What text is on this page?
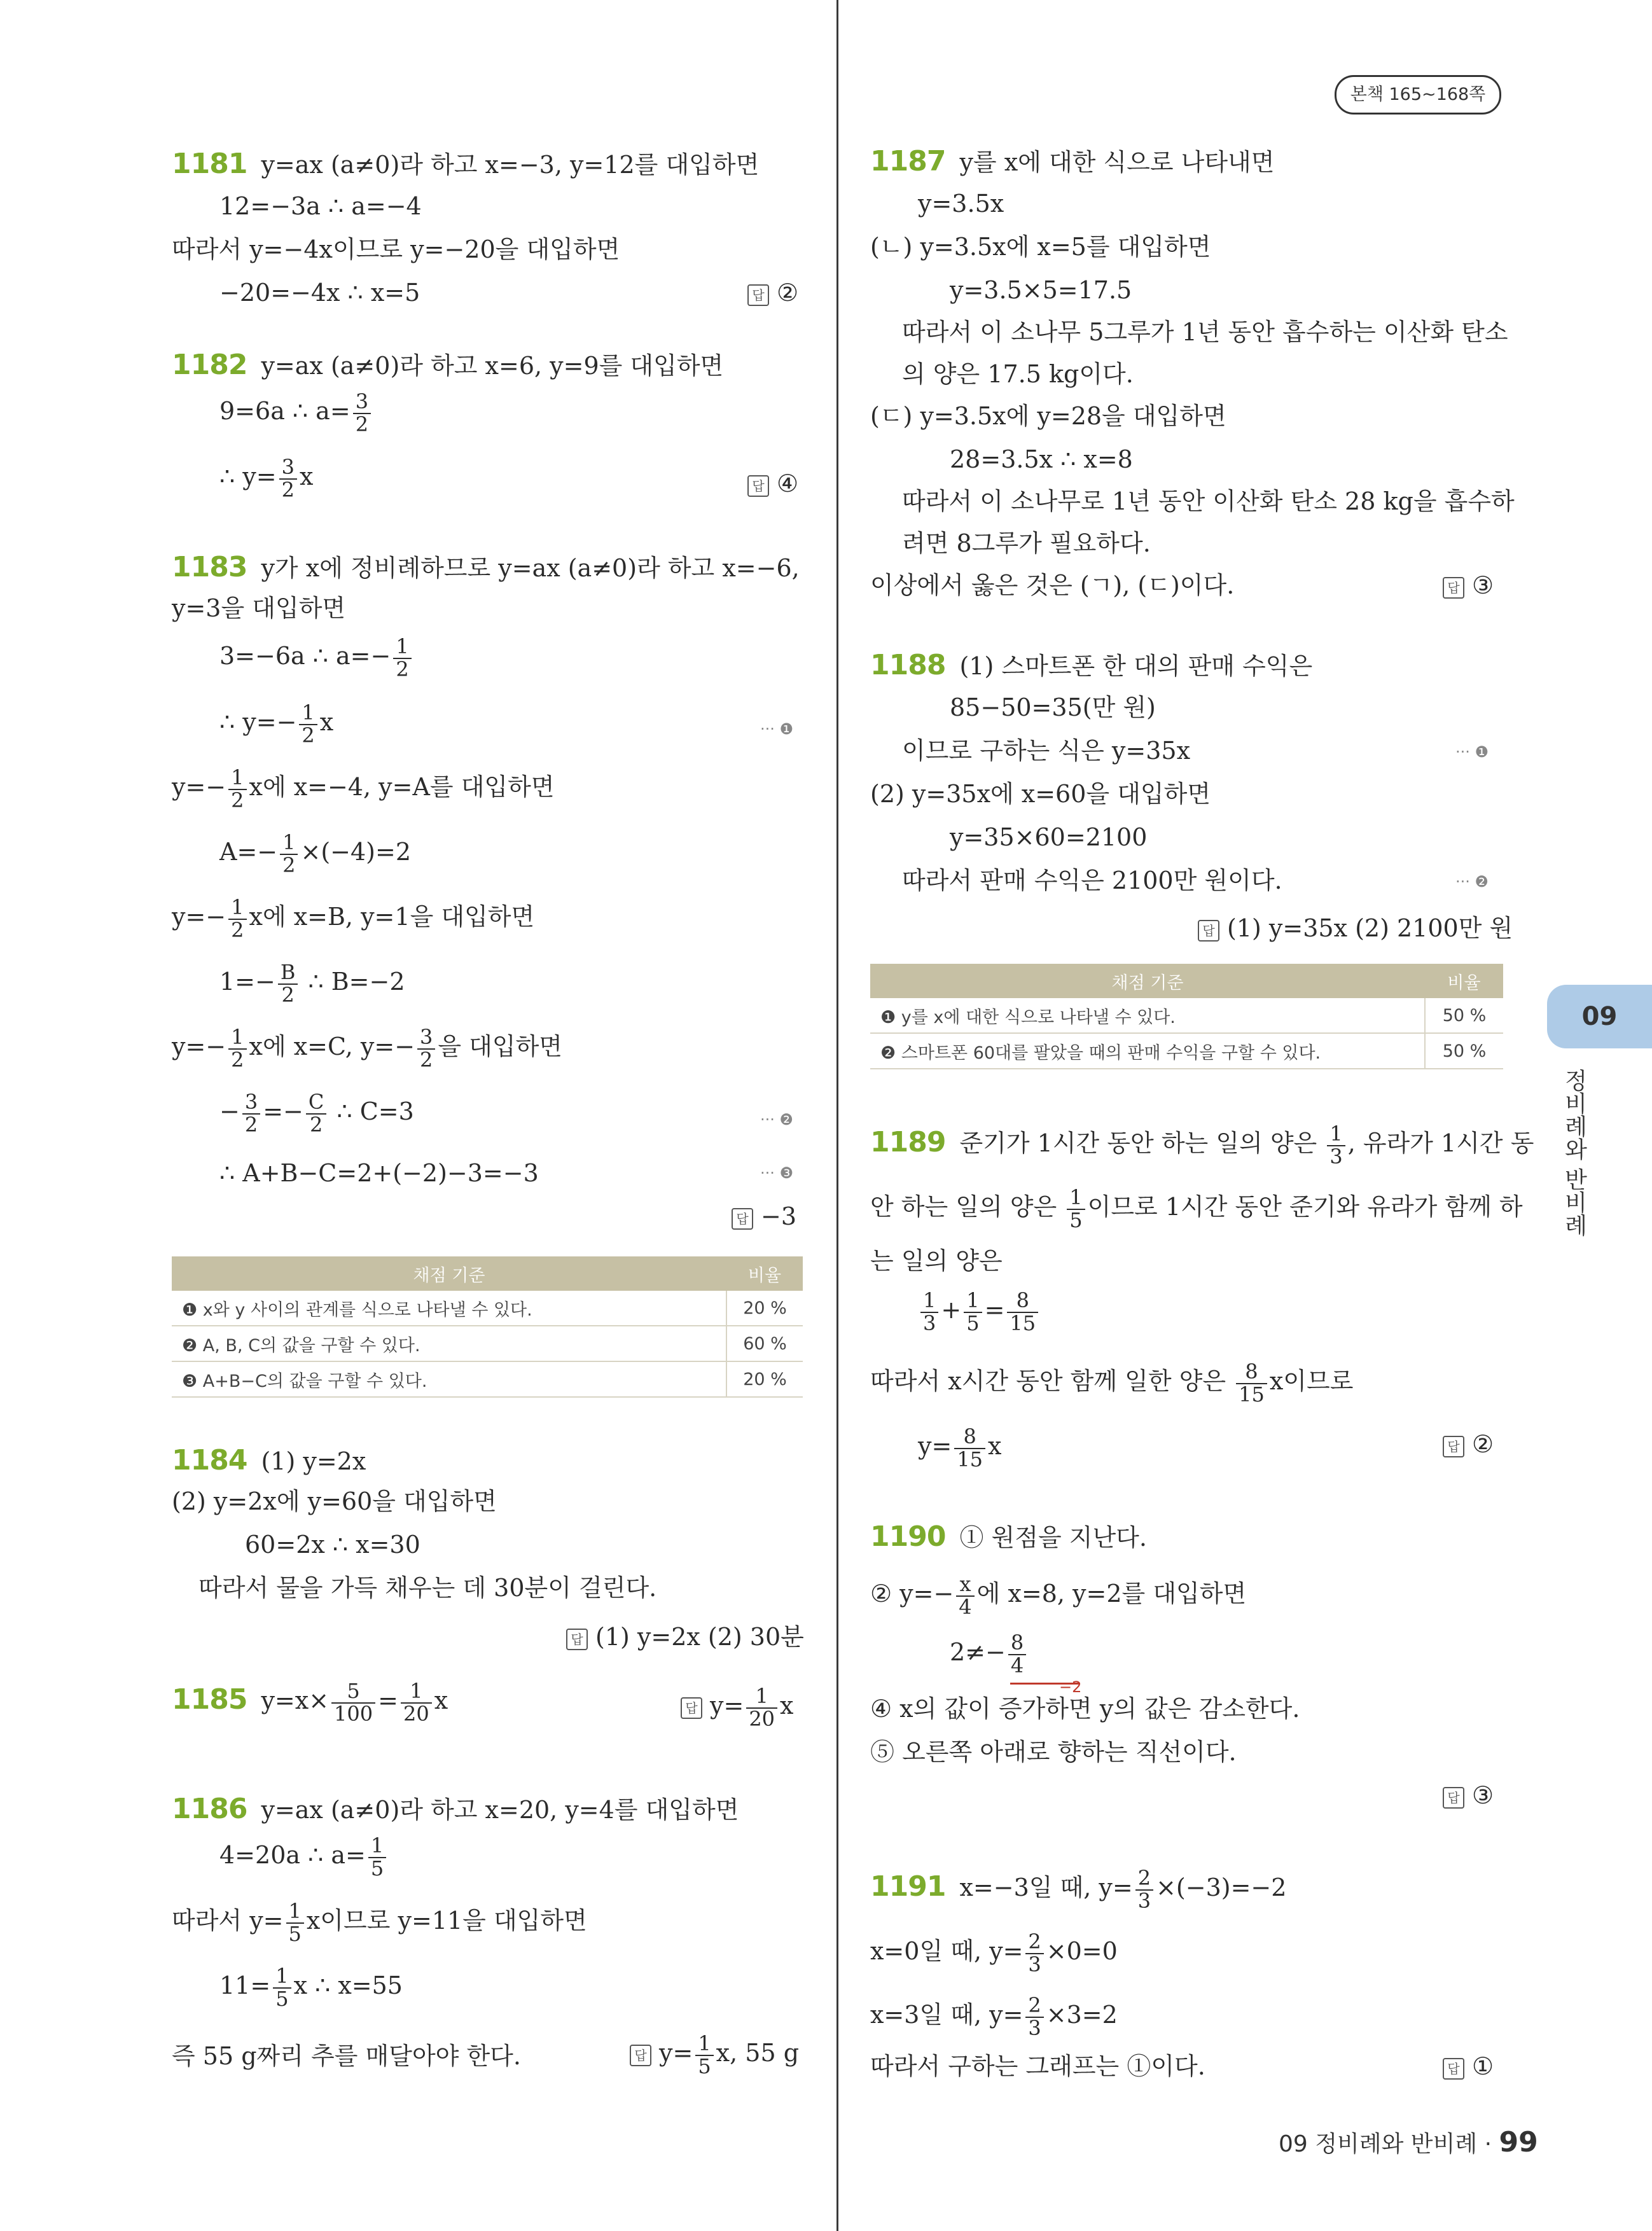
본책 165~168쪽
09
정비례와 반비례
1181 y=ax (a≠0)라 하고 x=−3, y=12를 대입하면
12=−3a ∴ a=−4
따라서 y=−4x이므로 y=−20을 대입하면
−20=−4x ∴ x=5	답 ②
1182 y=ax (a≠0)라 하고 x=6, y=9를 대입하면
9=6a ∴ $a= \frac{3}{2}$
∴ $y= \frac{3}{2}$ x	답 ④
1183 y가 x에 정비례하므로 y=ax (a≠0)라 하고 x=−6,
y=3을 대입하면
3=−6a ∴ $a=- \frac{1}{2}$
∴ $y=- \frac{1}{2}$ x	··· ❶
$y=- \frac{1}{2}$ x에 x=−4, y=A를 대입하면
$A=- \frac{1}{2} \times(-4)=2$
$y=- \frac{1}{2}$ x에 x=B, y=1을 대입하면
$1=- \frac{B}{2}$ ∴ B=−2
$y=- \frac{1}{2}$ x에 x=C, $y=- \frac{3}{2}$ 을 대입하면
− $\frac{3}{2} =- \frac{C}{2}$ ∴ C=3	··· ❷
∴ A+B−C=2+(−2)−3=−3	··· ❸
답 −3
채점 기준	비율
❶ x와 y 사이의 관계를 식으로 나타낼 수 있다.	20 %
❷ A, B, C의 값을 구할 수 있다.	60 %
❸ A+B−C의 값을 구할 수 있다.	20 %
1184 (1) y=2x
(2) y=2x에 y=60을 대입하면
60=2x ∴ x=30
따라서 물을 가득 채우는 데 30분이 걸린다.
답 (1) y=2x (2) 30분
1185 $y=x\times \frac{5}{100} = \frac{1}{20}$ x	답 $y= \frac{1}{20}$ x
1186 y=ax (a≠0)라 하고 x=20, y=4를 대입하면
4=20a ∴ $a= \frac{1}{5}$
따라서 $y= \frac{1}{5}$ x이므로 y=11을 대입하면
$11= \frac{1}{5}$ x ∴ x=55
즉 55 g짜리 추를 매달아야 한다.	답 $y= \frac{1}{5} x$, 55 g
1187 y를 x에 대한 식으로 나타내면
y=3.5x
(ㄴ) y=3.5x에 x=5를 대입하면
y=3.5×5=17.5
따라서 이 소나무 5그루가 1년 동안 흡수하는 이산화 탄소
의 양은 17.5 kg이다.
(ㄷ) y=3.5x에 y=28을 대입하면
28=3.5x ∴ x=8
따라서 이 소나무로 1년 동안 이산화 탄소 28 kg을 흡수하
려면 8그루가 필요하다.
이상에서 옳은 것은 (ㄱ), (ㄷ)이다.	답 ③
1188 (1) 스마트폰 한 대의 판매 수익은
85−50=35(만 원)
이므로 구하는 식은 y=35x	··· ❶
(2) y=35x에 x=60을 대입하면
y=35×60=2100
따라서 판매 수익은 2100만 원이다.	··· ❷
답 (1) y=35x (2) 2100만 원
채점 기준	비율
❶ y를 x에 대한 식으로 나타낼 수 있다.	50 %
❷ 스마트폰 60대를 팔았을 때의 판매 수익을 구할 수 있다.	50 %
1189 준기가 1시간 동안 하는 일의 양은 $\frac{1}{3}$ , 유라가 1시간 동
안 하는 일의 양은 $\frac{1}{5}$ 이므로 1시간 동안 준기와 유라가 함께 하
는 일의 양은
$\frac{1}{3} + \frac{1}{5} = \frac{8}{15}$
따라서 x시간 동안 함께 일한 양은 $\frac{8}{15}$ x이므로
$y= \frac{8}{15}$ x	답 ②
1190 ① 원점을 지난다.
② $y=- \frac{x}{4}$ 에 x=8, y=2를 대입하면
$2\ne- \frac{8}{4}$
④ x의 값이 증가하면 y의 값은 감소한다.
⑤ 오른쪽 아래로 향하는 직선이다.
답 ③
1191 x=−3일 때, $y= \frac{2}{3} \times(-3)=-2$
x=0일 때, $y= \frac{2}{3} \times 0=0$
x=3일 때, $y= \frac{2}{3} \times 3=2$
따라서 구하는 그래프는 ①이다.	답 ①
−2
09 정비례와 반비례 · 99
